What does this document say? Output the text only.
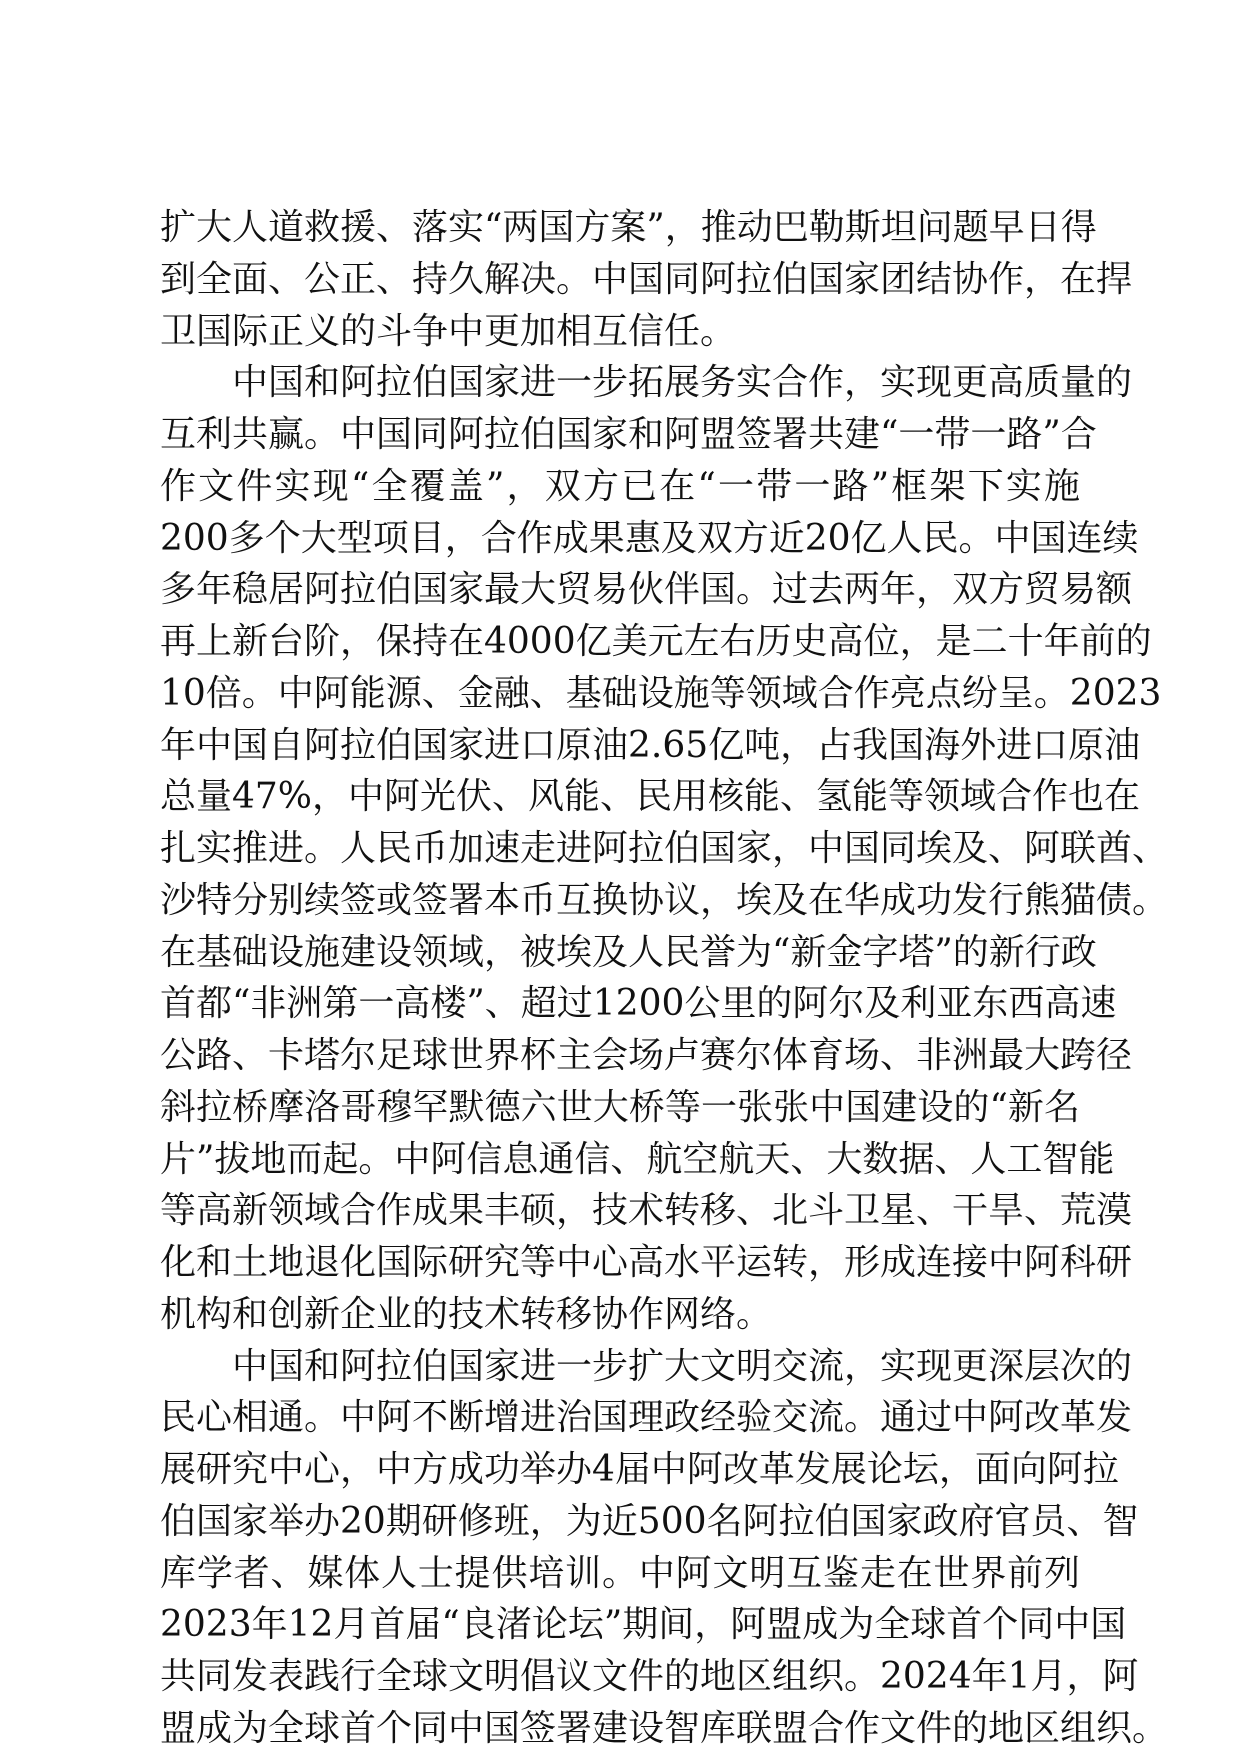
扩大人道救援、落实“两国方案”，推动巴勒斯坦问题早日得
到全面、公正、持久解决。中国同阿拉伯国家团结协作，在捍
卫国际正义的斗争中更加相互信任。
中国和阿拉伯国家进一步拓展务实合作，实现更高质量的
互利共赢。中国同阿拉伯国家和阿盟签署共建“一带一路”合
作文件实现“全覆盖”，双方已在“一带一路”框架下实施
200多个大型项目，合作成果惠及双方近20亿人民。中国连续
多年稳居阿拉伯国家最大贸易伙伴国。过去两年，双方贸易额
再上新台阶，保持在4000亿美元左右历史高位，是二十年前的
10倍。中阿能源、金融、基础设施等领域合作亮点纷呈。2023
年中国自阿拉伯国家进口原油2.65亿吨，占我国海外进口原油
总量47%，中阿光伏、风能、民用核能、氢能等领域合作也在
扎实推进。人民币加速走进阿拉伯国家，中国同埃及、阿联酋、
沙特分别续签或签署本币互换协议，埃及在华成功发行熊猫债。
在基础设施建设领域，被埃及人民誉为“新金字塔”的新行政
首都“非洲第一高楼”、超过1200公里的阿尔及利亚东西高速
公路、卡塔尔足球世界杯主会场卢赛尔体育场、非洲最大跨径
斜拉桥摩洛哥穆罕默德六世大桥等一张张中国建设的“新名
片”拔地而起。中阿信息通信、航空航天、大数据、人工智能
等高新领域合作成果丰硕，技术转移、北斗卫星、干旱、荒漠
化和土地退化国际研究等中心高水平运转，形成连接中阿科研
机构和创新企业的技术转移协作网络。
中国和阿拉伯国家进一步扩大文明交流，实现更深层次的
民心相通。中阿不断增进治国理政经验交流。通过中阿改革发
展研究中心，中方成功举办4届中阿改革发展论坛，面向阿拉
伯国家举办20期研修班，为近500名阿拉伯国家政府官员、智
库学者、媒体人士提供培训。中阿文明互鉴走在世界前列
2023年12月首届“良渚论坛”期间，阿盟成为全球首个同中国
共同发表践行全球文明倡议文件的地区组织。2024年1月，阿
盟成为全球首个同中国签署建设智库联盟合作文件的地区组织。
